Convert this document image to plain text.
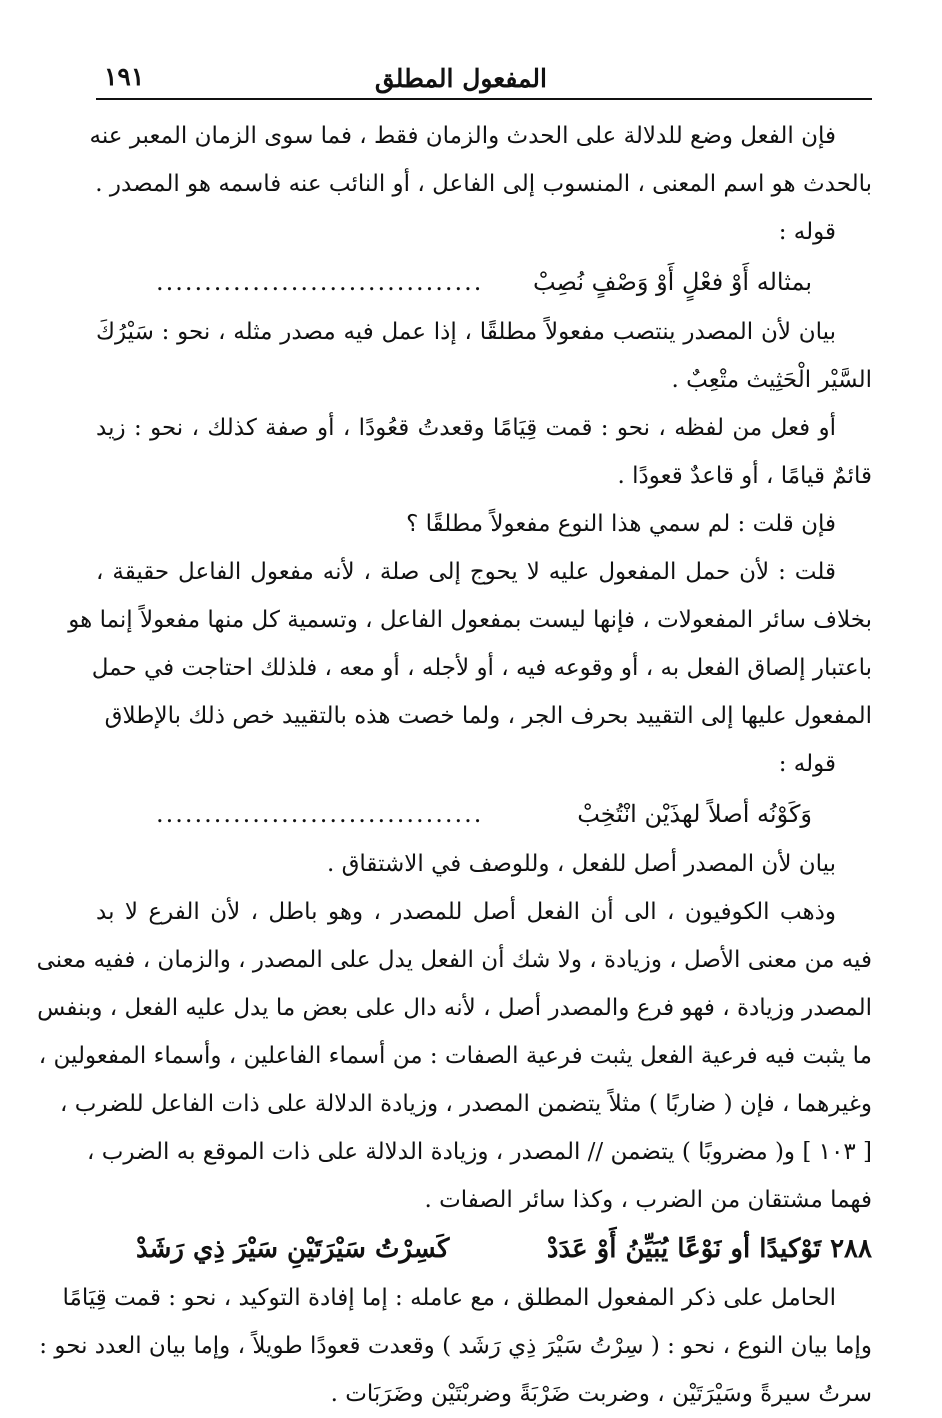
المفعول المطلق
١٩١
فإن الفعل وضع للدلالة على الحدث والزمان فقط ، فما سوى الزمان المعبر عنه
بالحدث هو اسم المعنى ، المنسوب إلى الفاعل ، أو النائب عنه فاسمه هو المصدر .
قوله :
بمثاله أَوْ فعْلٍ أَوْ وَصْفٍ نُصِبْ
..................................
بيان لأن المصدر ينتصب مفعولاً مطلقًا ، إذا عمل فيه مصدر مثله ، نحو : سَيْرُكَ
السَّيْر الْحَثِيث متْعِبٌ .
أو فعل من لفظه ، نحو : قمت قِيَامًا وقعدتُ قعُودًا ، أو صفة كذلك ، نحو : زيد
قائمٌ قيامًا ، أو قاعدٌ قعودًا .
فإن قلت : لم سمي هذا النوع مفعولاً مطلقًا ؟
قلت : لأن حمل المفعول عليه لا يحوج إلى صلة ، لأنه مفعول الفاعل حقيقة ،
بخلاف سائر المفعولات ، فإنها ليست بمفعول الفاعل ، وتسمية كل منها مفعولاً إنما هو
باعتبار إلصاق الفعل به ، أو وقوعه فيه ، أو لأجله ، أو معه ، فلذلك احتاجت في حمل
المفعول عليها إلى التقييد بحرف الجر ، ولما خصت هذه بالتقييد خص ذلك بالإطلاق
قوله :
وَكَوْنُه أصلاً لهذَيْن انْتُخِبْ
..................................
بيان لأن المصدر أصل للفعل ، وللوصف في الاشتقاق .
وذهب الكوفيون ، الى أن الفعل أصل للمصدر ، وهو باطل ، لأن الفرع لا بد
فيه من معنى الأصل ، وزيادة ، ولا شك أن الفعل يدل على المصدر ، والزمان ، ففيه معنى
المصدر وزيادة ، فهو فرع والمصدر أصل ، لأنه دال على بعض ما يدل عليه الفعل ، وبنفس
ما يثبت فيه فرعية الفعل يثبت فرعية الصفات : من أسماء الفاعلين ، وأسماء المفعولين ،
وغيرهما ، فإن ( ضاربًا ) مثلاً يتضمن المصدر ، وزيادة الدلالة على ذات الفاعل للضرب ،
[ ١٠٣ ] و( مضروبًا ) يتضمن // المصدر ، وزيادة الدلالة على ذات الموقع به الضرب ،
فهما مشتقان من الضرب ، وكذا سائر الصفات .
٢٨٨ تَوْكيدًا أو نَوْعًا يُبَيِّنُ أَوْ عَدَدْ
كَسِرْتُ سَيْرَتَيْنِ سَيْرَ ذِي رَشَدْ
الحامل على ذكر المفعول المطلق ، مع عامله : إما إفادة التوكيد ، نحو : قمت قِيَامًا
وإما بيان النوع ، نحو : ( سِرْتُ سَيْرَ ذِي رَشَد ) وقعدت قعودًا طويلاً ، وإما بيان العدد نحو :
سرتُ سيرةً وسَيْرَتَيْن ، وضربت ضَرْبَةً وضربْتَيْن وضَرَبَات .
